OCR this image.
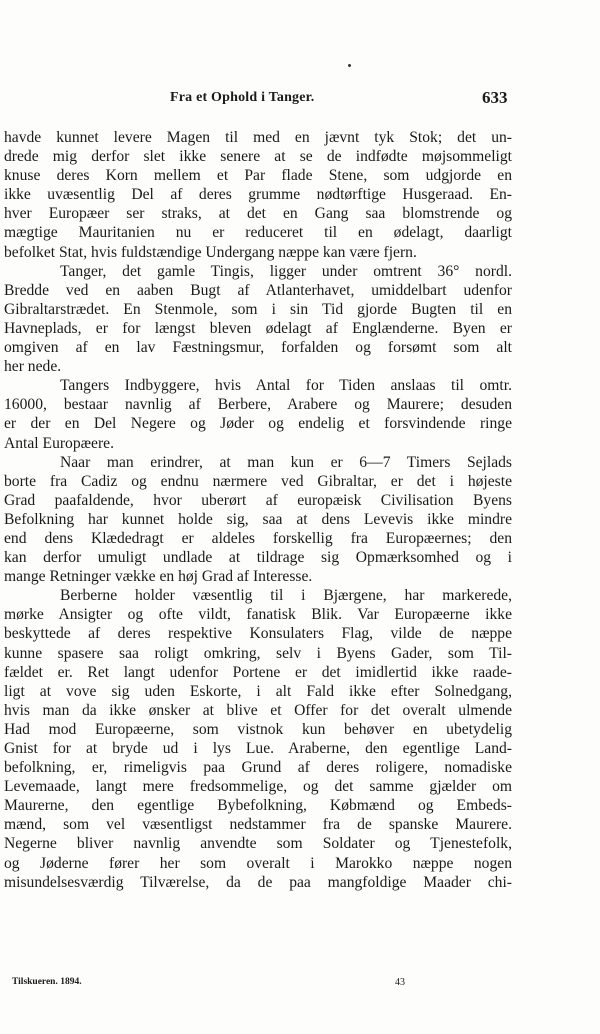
Fra et Ophold i Tanger.	633
havde kunnet levere Magen til med en jævnt tyk Stok; det un-
drede mig derfor slet ikke senere at se de indfødte møjsommeligt
knuse deres Korn mellem et Par flade Stene, som udgjorde en
ikke uvæsentlig Del af deres grumme nødtørftige Husgeraad. En-
hver Europæer ser straks, at det en Gang saa blomstrende og
mægtige Mauritanien nu er reduceret til en ødelagt, daarligt
befolket Stat, hvis fuldstændige Undergang næppe kan være fjern.
Tanger, det gamle Tingis, ligger under omtrent 36° nordl.
Bredde ved en aaben Bugt af Atlanterhavet, umiddelbart udenfor
Gibraltarstrædet. En Stenmole, som i sin Tid gjorde Bugten til en
Havneplads, er for længst bleven ødelagt af Englænderne. Byen er
omgiven af en lav Fæstningsmur, forfalden og forsømt som alt
her nede.
Tangers Indbyggere, hvis Antal for Tiden anslaas til omtr.
16000, bestaar navnlig af Berbere, Arabere og Maurere; desuden
er der en Del Negere og Jøder og endelig et forsvindende ringe
Antal Europæere.
Naar man erindrer, at man kun er 6—7 Timers Sejlads
borte fra Cadiz og endnu nærmere ved Gibraltar, er det i højeste
Grad paafaldende, hvor uberørt af europæisk Civilisation Byens
Befolkning har kunnet holde sig, saa at dens Levevis ikke mindre
end dens Klædedragt er aldeles forskellig fra Europæernes; den
kan derfor umuligt undlade at tildrage sig Opmærksomhed og i
mange Retninger vække en høj Grad af Interesse.
Berberne holder væsentlig til i Bjærgene, har markerede,
mørke Ansigter og ofte vildt, fanatisk Blik. Var Europæerne ikke
beskyttede af deres respektive Konsulaters Flag, vilde de næppe
kunne spasere saa roligt omkring, selv i Byens Gader, som Til-
fældet er. Ret langt udenfor Portene er det imidlertid ikke raade-
ligt at vove sig uden Eskorte, i alt Fald ikke efter Solnedgang,
hvis man da ikke ønsker at blive et Offer for det overalt ulmende
Had mod Europæerne, som vistnok kun behøver en ubetydelig
Gnist for at bryde ud i lys Lue. Araberne, den egentlige Land-
befolkning, er, rimeligvis paa Grund af deres roligere, nomadiske
Levemaade, langt mere fredsommelige, og det samme gjælder om
Maurerne, den egentlige Bybefolkning, Købmænd og Embeds-
mænd, som vel væsentligst nedstammer fra de spanske Maurere.
Negerne bliver navnlig anvendte som Soldater og Tjenestefolk,
og Jøderne fører her som overalt i Marokko næppe nogen
misundelsesværdig Tilværelse, da de paa mangfoldige Maader chi-
Tilskueren. 1894.	43
